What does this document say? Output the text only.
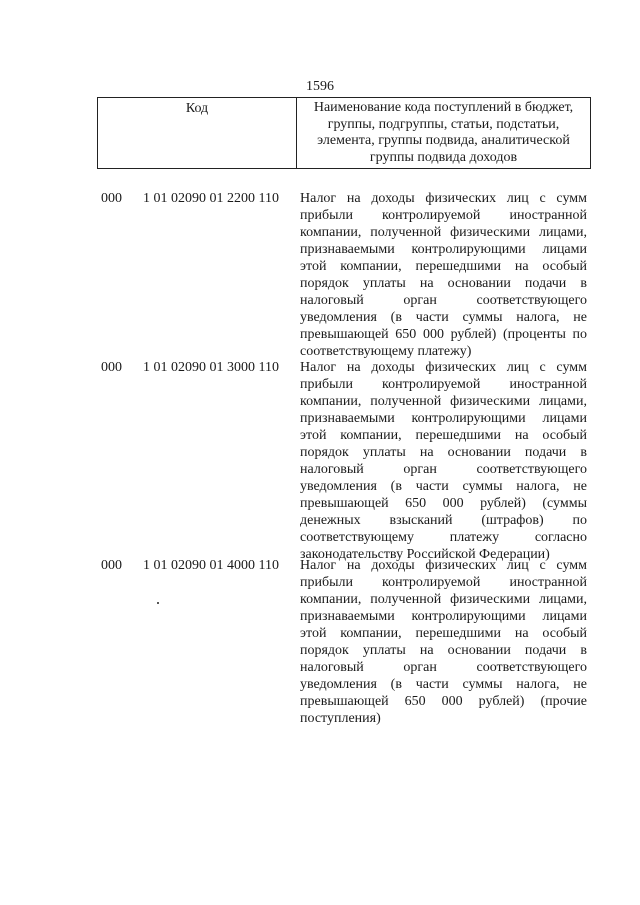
1596
Код	Наименование кода поступлений в бюджет, группы, подгруппы, статьи, подстатьи, элемента, группы подвида, аналитической группы подвида доходов
000 1 01 02090 01 2200 110 Налог на доходы физических лиц с сумм прибыли контролируемой иностранной компании, полученной физическими лицами, признаваемыми контролирующими лицами этой компании, перешедшими на особый порядок уплаты на основании подачи в налоговый орган соответствующего уведомления (в части суммы налога, не превышающей 650 000 рублей) (проценты по соответствующему платежу)
000 1 01 02090 01 3000 110 Налог на доходы физических лиц с сумм прибыли контролируемой иностранной компании, полученной физическими лицами, признаваемыми контролирующими лицами этой компании, перешедшими на особый порядок уплаты на основании подачи в налоговый орган соответствующего уведомления (в части суммы налога, не превышающей 650 000 рублей) (суммы денежных взысканий (штрафов) по соответствующему платежу согласно законодательству Российской Федерации)
000 1 01 02090 01 4000 110 Налог на доходы физических лиц с сумм прибыли контролируемой иностранной компании, полученной физическими лицами, признаваемыми контролирующими лицами этой компании, перешедшими на особый порядок уплаты на основании подачи в налоговый орган соответствующего уведомления (в части суммы налога, не превышающей 650 000 рублей) (прочие поступления)
